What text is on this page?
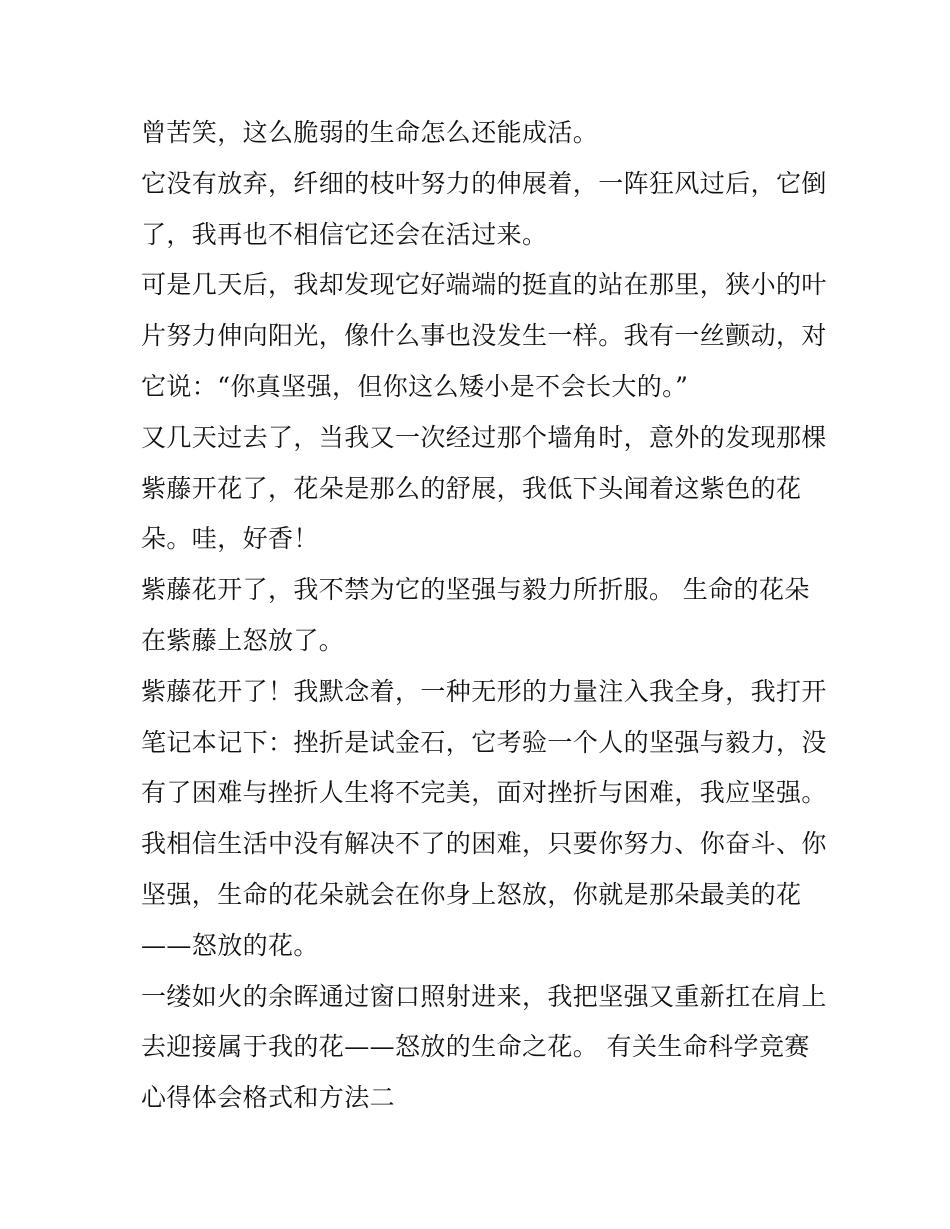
曾苦笑，这么脆弱的生命怎么还能成活。
它没有放弃，纤细的枝叶努力的伸展着，一阵狂风过后，它倒
了，我再也不相信它还会在活过来。
可是几天后，我却发现它好端端的挺直的站在那里，狭小的叶
片努力伸向阳光，像什么事也没发生一样。我有一丝颤动，对
它说：“你真坚强，但你这么矮小是不会长大的。”
又几天过去了，当我又一次经过那个墙角时，意外的发现那棵
紫藤开花了，花朵是那么的舒展，我低下头闻着这紫色的花
朵。哇，好香！
紫藤花开了，我不禁为它的坚强与毅力所折服。 生命的花朵
在紫藤上怒放了。
紫藤花开了！我默念着，一种无形的力量注入我全身，我打开
笔记本记下：挫折是试金石，它考验一个人的坚强与毅力，没
有了困难与挫折人生将不完美，面对挫折与困难，我应坚强。
我相信生活中没有解决不了的困难，只要你努力、你奋斗、你
坚强，生命的花朵就会在你身上怒放，你就是那朵最美的花
——怒放的花。
一缕如火的余晖通过窗口照射进来，我把坚强又重新扛在肩上
去迎接属于我的花——怒放的生命之花。 有关生命科学竞赛
心得体会格式和方法二
